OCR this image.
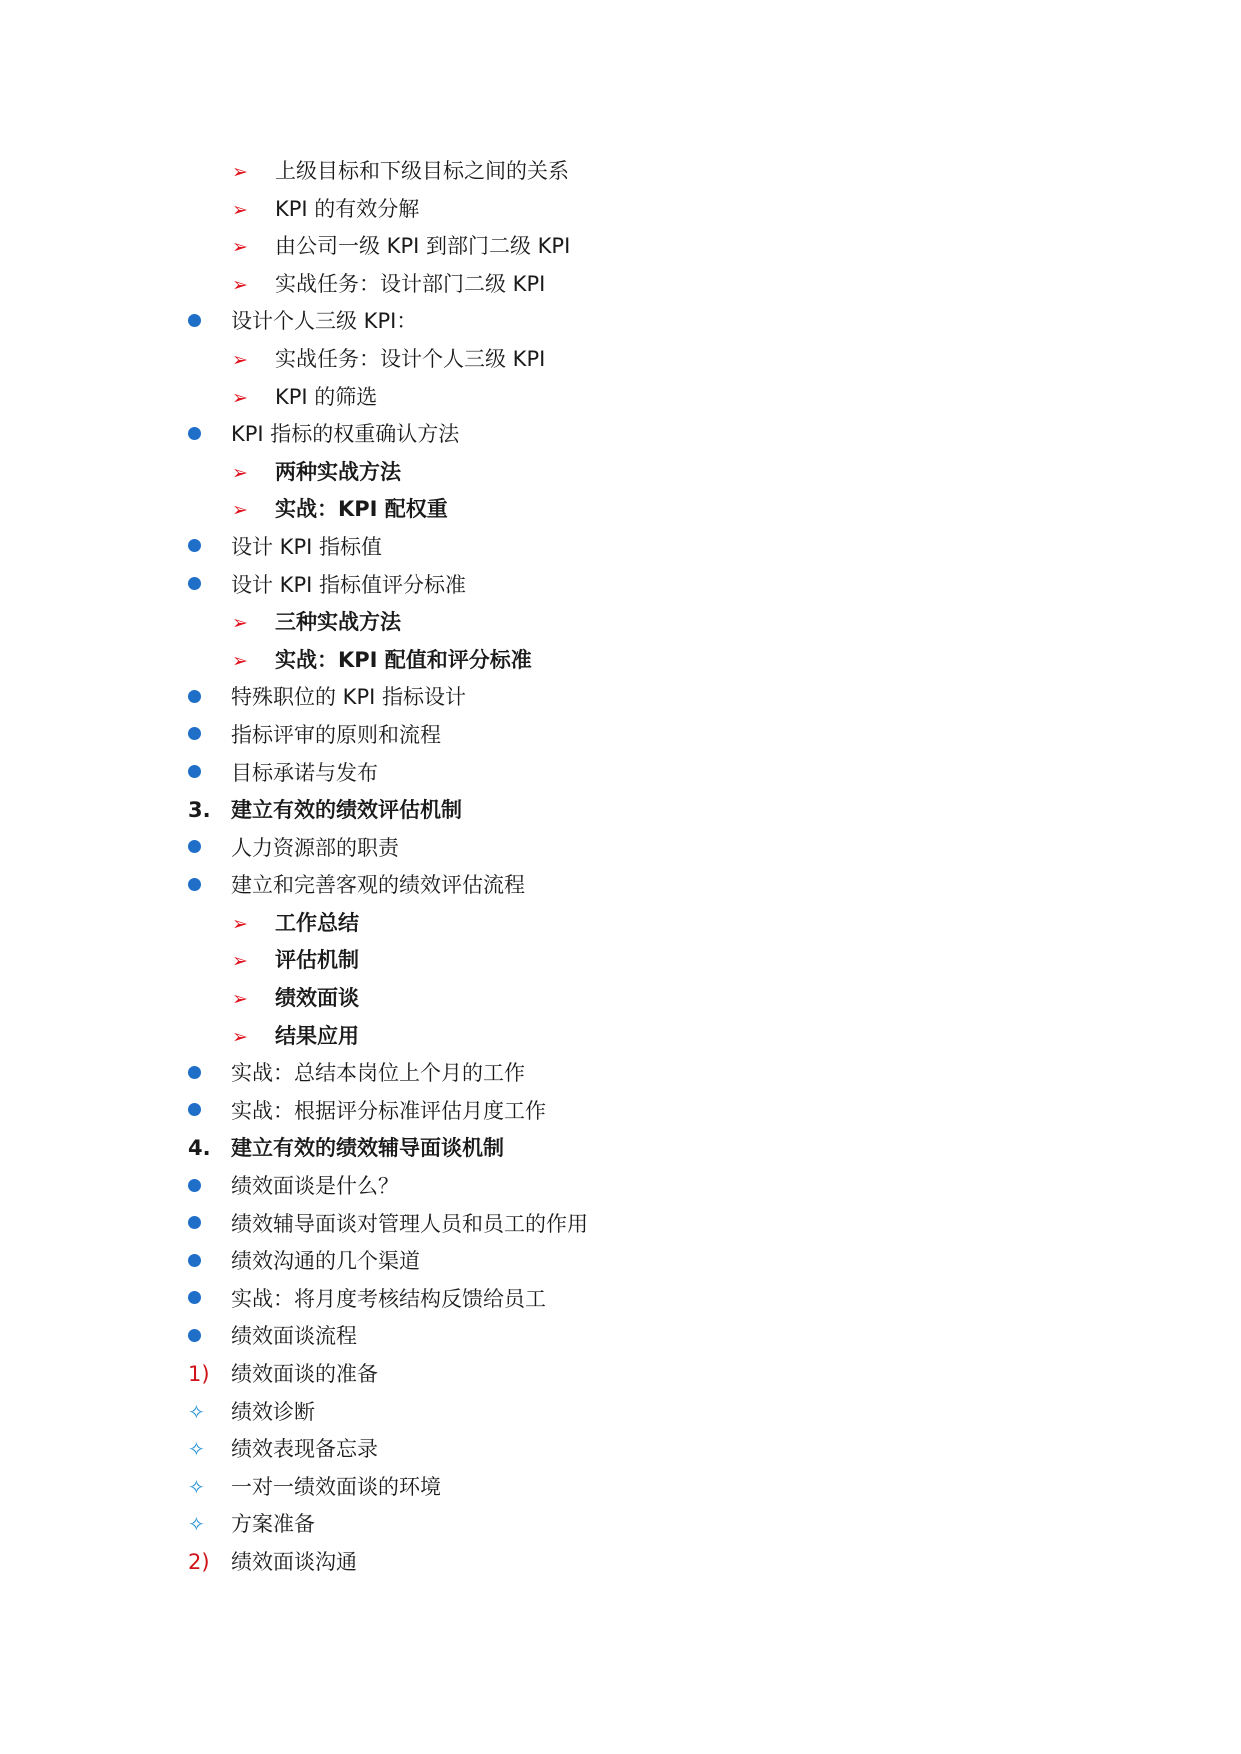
➢ 上级目标和下级目标之间的关系
➢ KPI 的有效分解
➢ 由公司一级 KPI 到部门二级 KPI
➢ 实战任务：设计部门二级 KPI
设计个人三级 KPI：
➢ 实战任务：设计个人三级 KPI
➢ KPI 的筛选
KPI 指标的权重确认方法
➢ 两种实战方法
➢ 实战：KPI 配权重
设计 KPI 指标值
设计 KPI 指标值评分标准
➢ 三种实战方法
➢ 实战：KPI 配值和评分标准
特殊职位的 KPI 指标设计
指标评审的原则和流程
目标承诺与发布
3. 建立有效的绩效评估机制
人力资源部的职责
建立和完善客观的绩效评估流程
➢ 工作总结
➢ 评估机制
➢ 绩效面谈
➢ 结果应用
实战：总结本岗位上个月的工作
实战：根据评分标准评估月度工作
4. 建立有效的绩效辅导面谈机制
绩效面谈是什么？
绩效辅导面谈对管理人员和员工的作用
绩效沟通的几个渠道
实战：将月度考核结构反馈给员工
绩效面谈流程
1) 绩效面谈的准备
✧ 绩效诊断
✧ 绩效表现备忘录
✧ 一对一绩效面谈的环境
✧ 方案准备
2) 绩效面谈沟通
